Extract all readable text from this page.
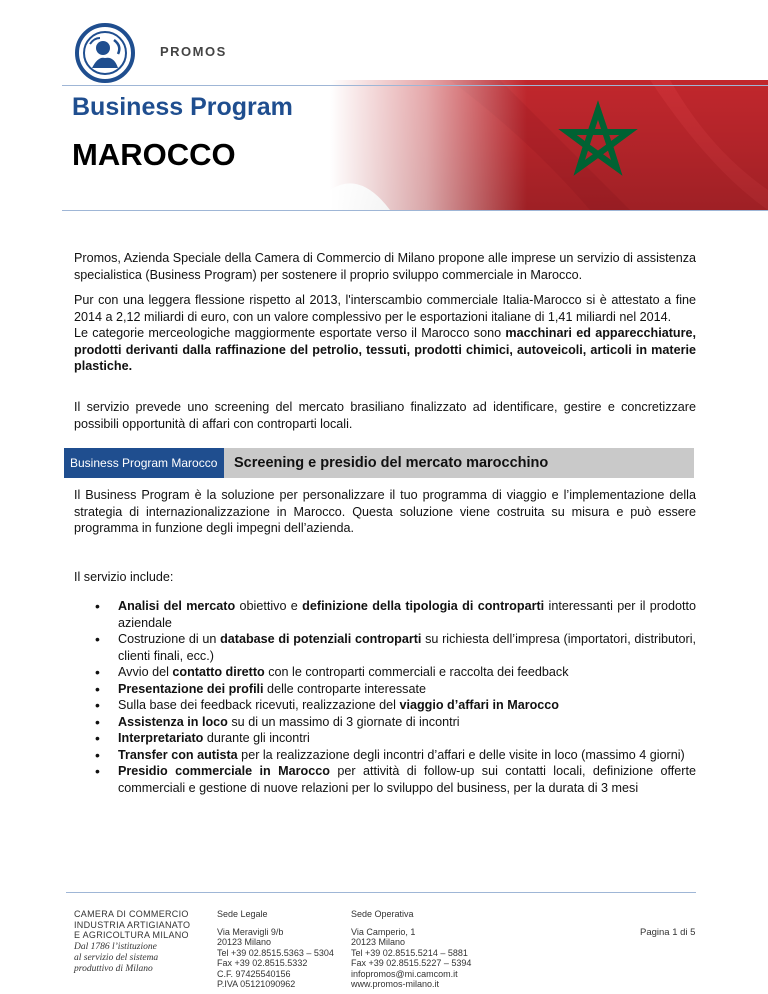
PROMOS
Business Program
MAROCCO
Promos, Azienda Speciale della Camera di Commercio di Milano propone alle imprese un servizio di assistenza specialistica (Business Program) per sostenere il proprio sviluppo commerciale in Marocco.
Pur con una leggera flessione rispetto al 2013, l'interscambio commerciale Italia-Marocco si è attestato a fine 2014 a 2,12 miliardi di euro, con un valore complessivo per le esportazioni italiane di 1,41 miliardi nel 2014.
Le categorie merceologiche maggiormente esportate verso il Marocco sono macchinari ed apparecchiature, prodotti derivanti dalla raffinazione del petrolio, tessuti, prodotti chimici, autoveicoli, articoli in materie plastiche.
Il servizio prevede uno screening del mercato brasiliano finalizzato ad identificare, gestire e concretizzare possibili opportunità di affari con controparti locali.
Business Program Marocco	Screening e presidio del mercato marocchino
Il Business Program è la soluzione per personalizzare il tuo programma di viaggio e l’implementazione della strategia di internazionalizzazione in Marocco. Questa soluzione viene costruita su misura e può essere programma in funzione degli impegni dell’azienda.
Il servizio include:
• Analisi del mercato obiettivo e definizione della tipologia di controparti interessanti per il prodotto aziendale
• Costruzione di un database di potenziali controparti su richiesta dell’impresa (importatori, distributori, clienti finali, ecc.)
• Avvio del contatto diretto con le controparti commerciali e raccolta dei feedback
• Presentazione dei profili delle controparte interessate
• Sulla base dei feedback ricevuti, realizzazione del viaggio d’affari in Marocco
• Assistenza in loco su di un massimo di 3 giornate di incontri
• Interpretariato durante gli incontri
• Transfer con autista per la realizzazione degli incontri d’affari e delle visite in loco (massimo 4 giorni)
• Presidio commerciale in Marocco per attività di follow-up sui contatti locali, definizione offerte commerciali e gestione di nuove relazioni per lo sviluppo del business, per la durata di 3 mesi
CAMERA DI COMMERCIO
INDUSTRIA ARTIGIANATO
E AGRICOLTURA MILANO
Dal 1786 l’istituzione
al servizio del sistema
produttivo di Milano
Sede Legale
Via Meravigli 9/b
20123 Milano
Tel +39 02.8515.5363 – 5304
Fax +39 02.8515.5332
C.F. 97425540156
P.IVA 05121090962
Sede Operativa
Via Camperio, 1
20123 Milano
Tel +39 02.8515.5214 – 5881
Fax +39 02.8515.5227 – 5394
infopromos@mi.camcom.it
www.promos-milano.it
Pagina 1 di 5
